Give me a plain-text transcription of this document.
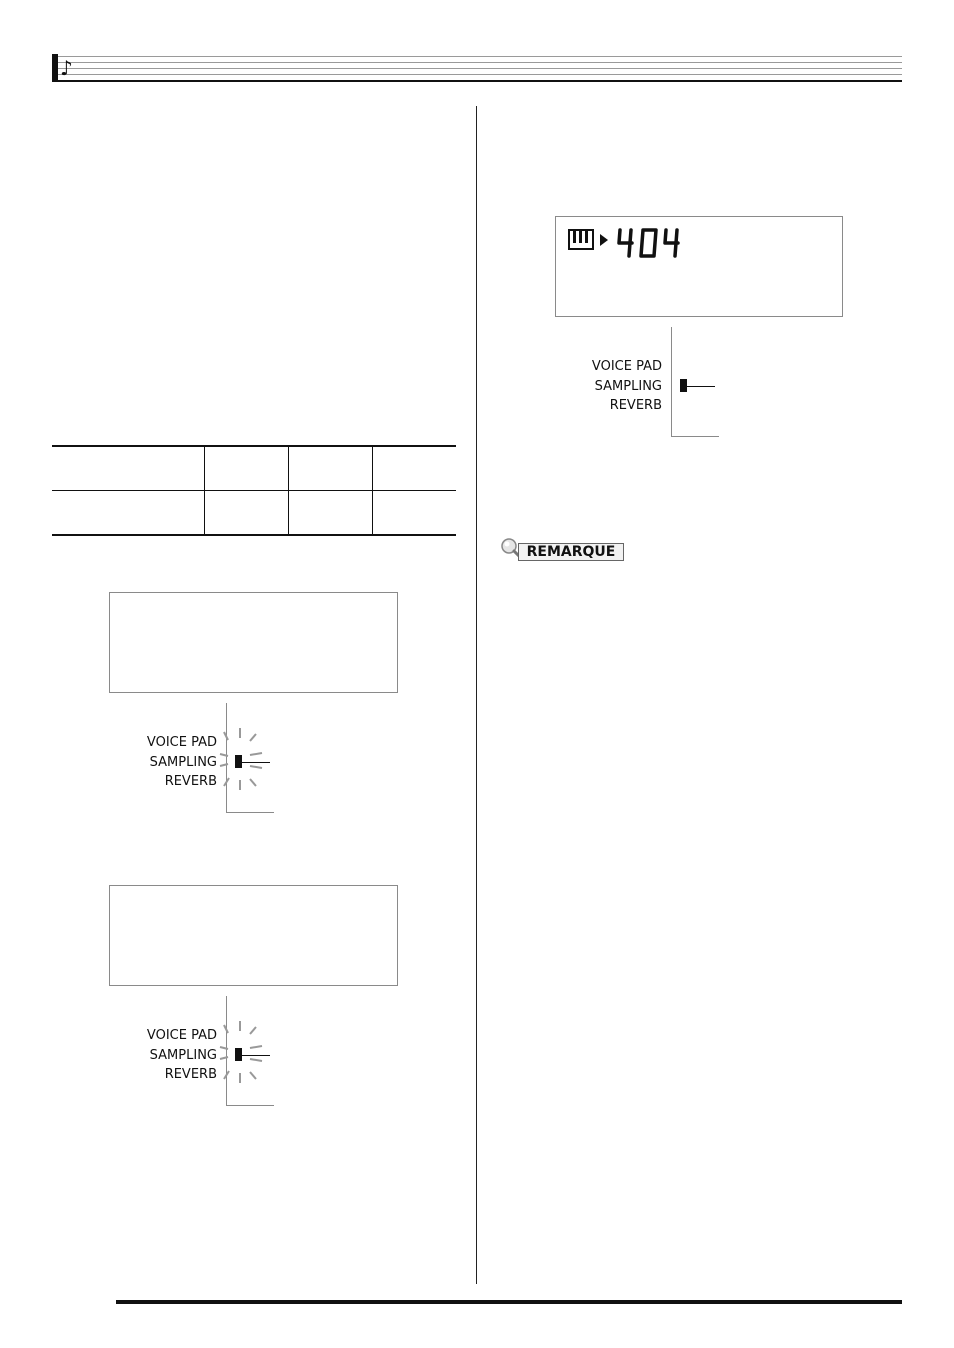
♪
VOICE PAD
SAMPLING
REVERB
VOICE PAD
SAMPLING
REVERB
VOICE PAD
SAMPLING
REVERB
REMARQUE
